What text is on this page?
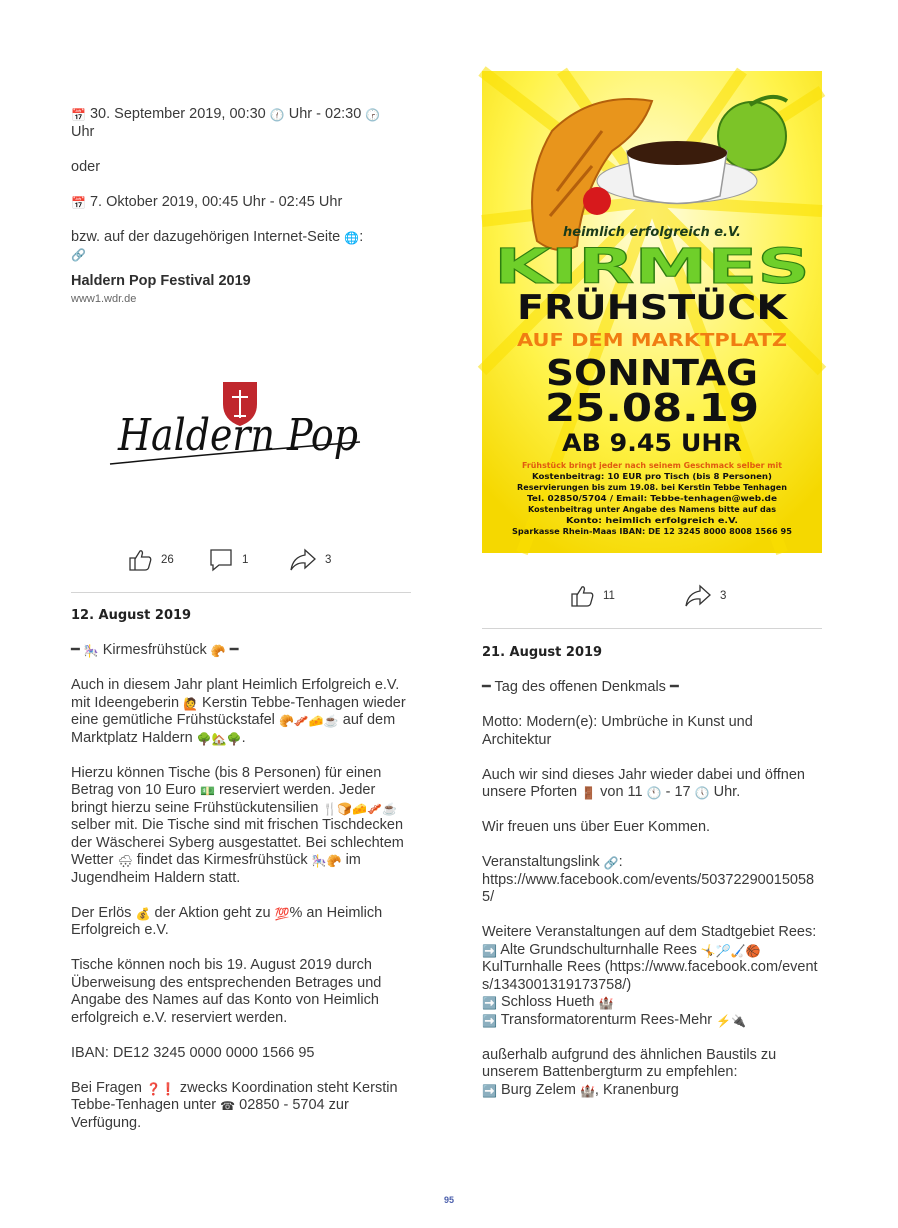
📅 30. September 2019, 00:30 🕧 Uhr - 02:30 🕝
Uhr

oder

📅 7. Oktober 2019, 00:45 Uhr - 02:45 Uhr

bzw. auf der dazugehörigen Internet-Seite 🌐:
🔗

Haldern Pop Festival 2019
www1.wdr.de

Haldern Pop
26	1	3

12. August 2019

━ 🎠 Kirmesfrühstück 🥐 ━

Auch in diesem Jahr plant Heimlich Erfolgreich e.V. mit Ideengeberin 🙋 Kerstin Tebbe-Tenhagen wieder eine gemütliche Frühstückstafel 🥐🥓🧀☕ auf dem Marktplatz Haldern 🌳🏡🌳.

Hierzu können Tische (bis 8 Personen) für einen Betrag von 10 Euro 💵 reserviert werden. Jeder bringt hierzu seine Frühstückutensilien 🍴🍞🧀🥓☕ selber mit. Die Tische sind mit frischen Tischdecken der Wäscherei Syberg ausgestattet. Bei schlechtem Wetter 🌨 findet das Kirmesfrühstück 🎠🥐 im Jugendheim Haldern statt.

Der Erlös 💰 der Aktion geht zu 💯% an Heimlich Erfolgreich e.V.

Tische können noch bis 19. August 2019 durch Überweisung des entsprechenden Betrages und Angabe des Names auf das Konto von Heimlich erfolgreich e.V. reserviert werden.

IBAN: DE12 3245 0000 0000 1566 95

Bei Fragen ❓❗ zwecks Koordination steht Kerstin Tebbe-Tenhagen unter ☎ 02850 - 5704 zur Verfügung.

heimlich erfolgreich e.V.
KIRMES
FRÜHSTÜCK
AUF DEM MARKTPLATZ
SONNTAG
25.08.19
AB 9.45 UHR
Frühstück bringt jeder nach seinem Geschmack selber mit
Kostenbeitrag: 10 EUR pro Tisch (bis 8 Personen)
Reservierungen bis zum 19.08. bei Kerstin Tebbe Tenhagen
Tel. 02850/5704 / Email: Tebbe-tenhagen@web.de
Kostenbeitrag unter Angabe des Namens bitte auf das
Konto: heimlich erfolgreich e.V.
Sparkasse Rhein-Maas IBAN: DE 12 3245 8000 8008 1566 95
11	3

21. August 2019

━ Tag des offenen Denkmals ━

Motto: Modern(e): Umbrüche in Kunst und Architektur

Auch wir sind dieses Jahr wieder dabei und öffnen unsere Pforten 🚪 von 11 🕚 - 17 🕔 Uhr.

Wir freuen uns über Euer Kommen.

Veranstaltungslink 🔗:
https://www.facebook.com/events/503722900150585/

Weitere Veranstaltungen auf dem Stadtgebiet Rees:
➡️ Alte Grundschulturnhalle Rees 🤸🏸🏑🏀
KulTurnhalle Rees (https://www.facebook.com/events/1343001319173758/)
➡️ Schloss Hueth 🏰
➡️ Transformatorenturm Rees-Mehr ⚡🔌

außerhalb aufgrund des ähnlichen Baustils zu unserem Battenbergturm zu empfehlen:
➡️ Burg Zelem 🏰, Kranenburg

95
